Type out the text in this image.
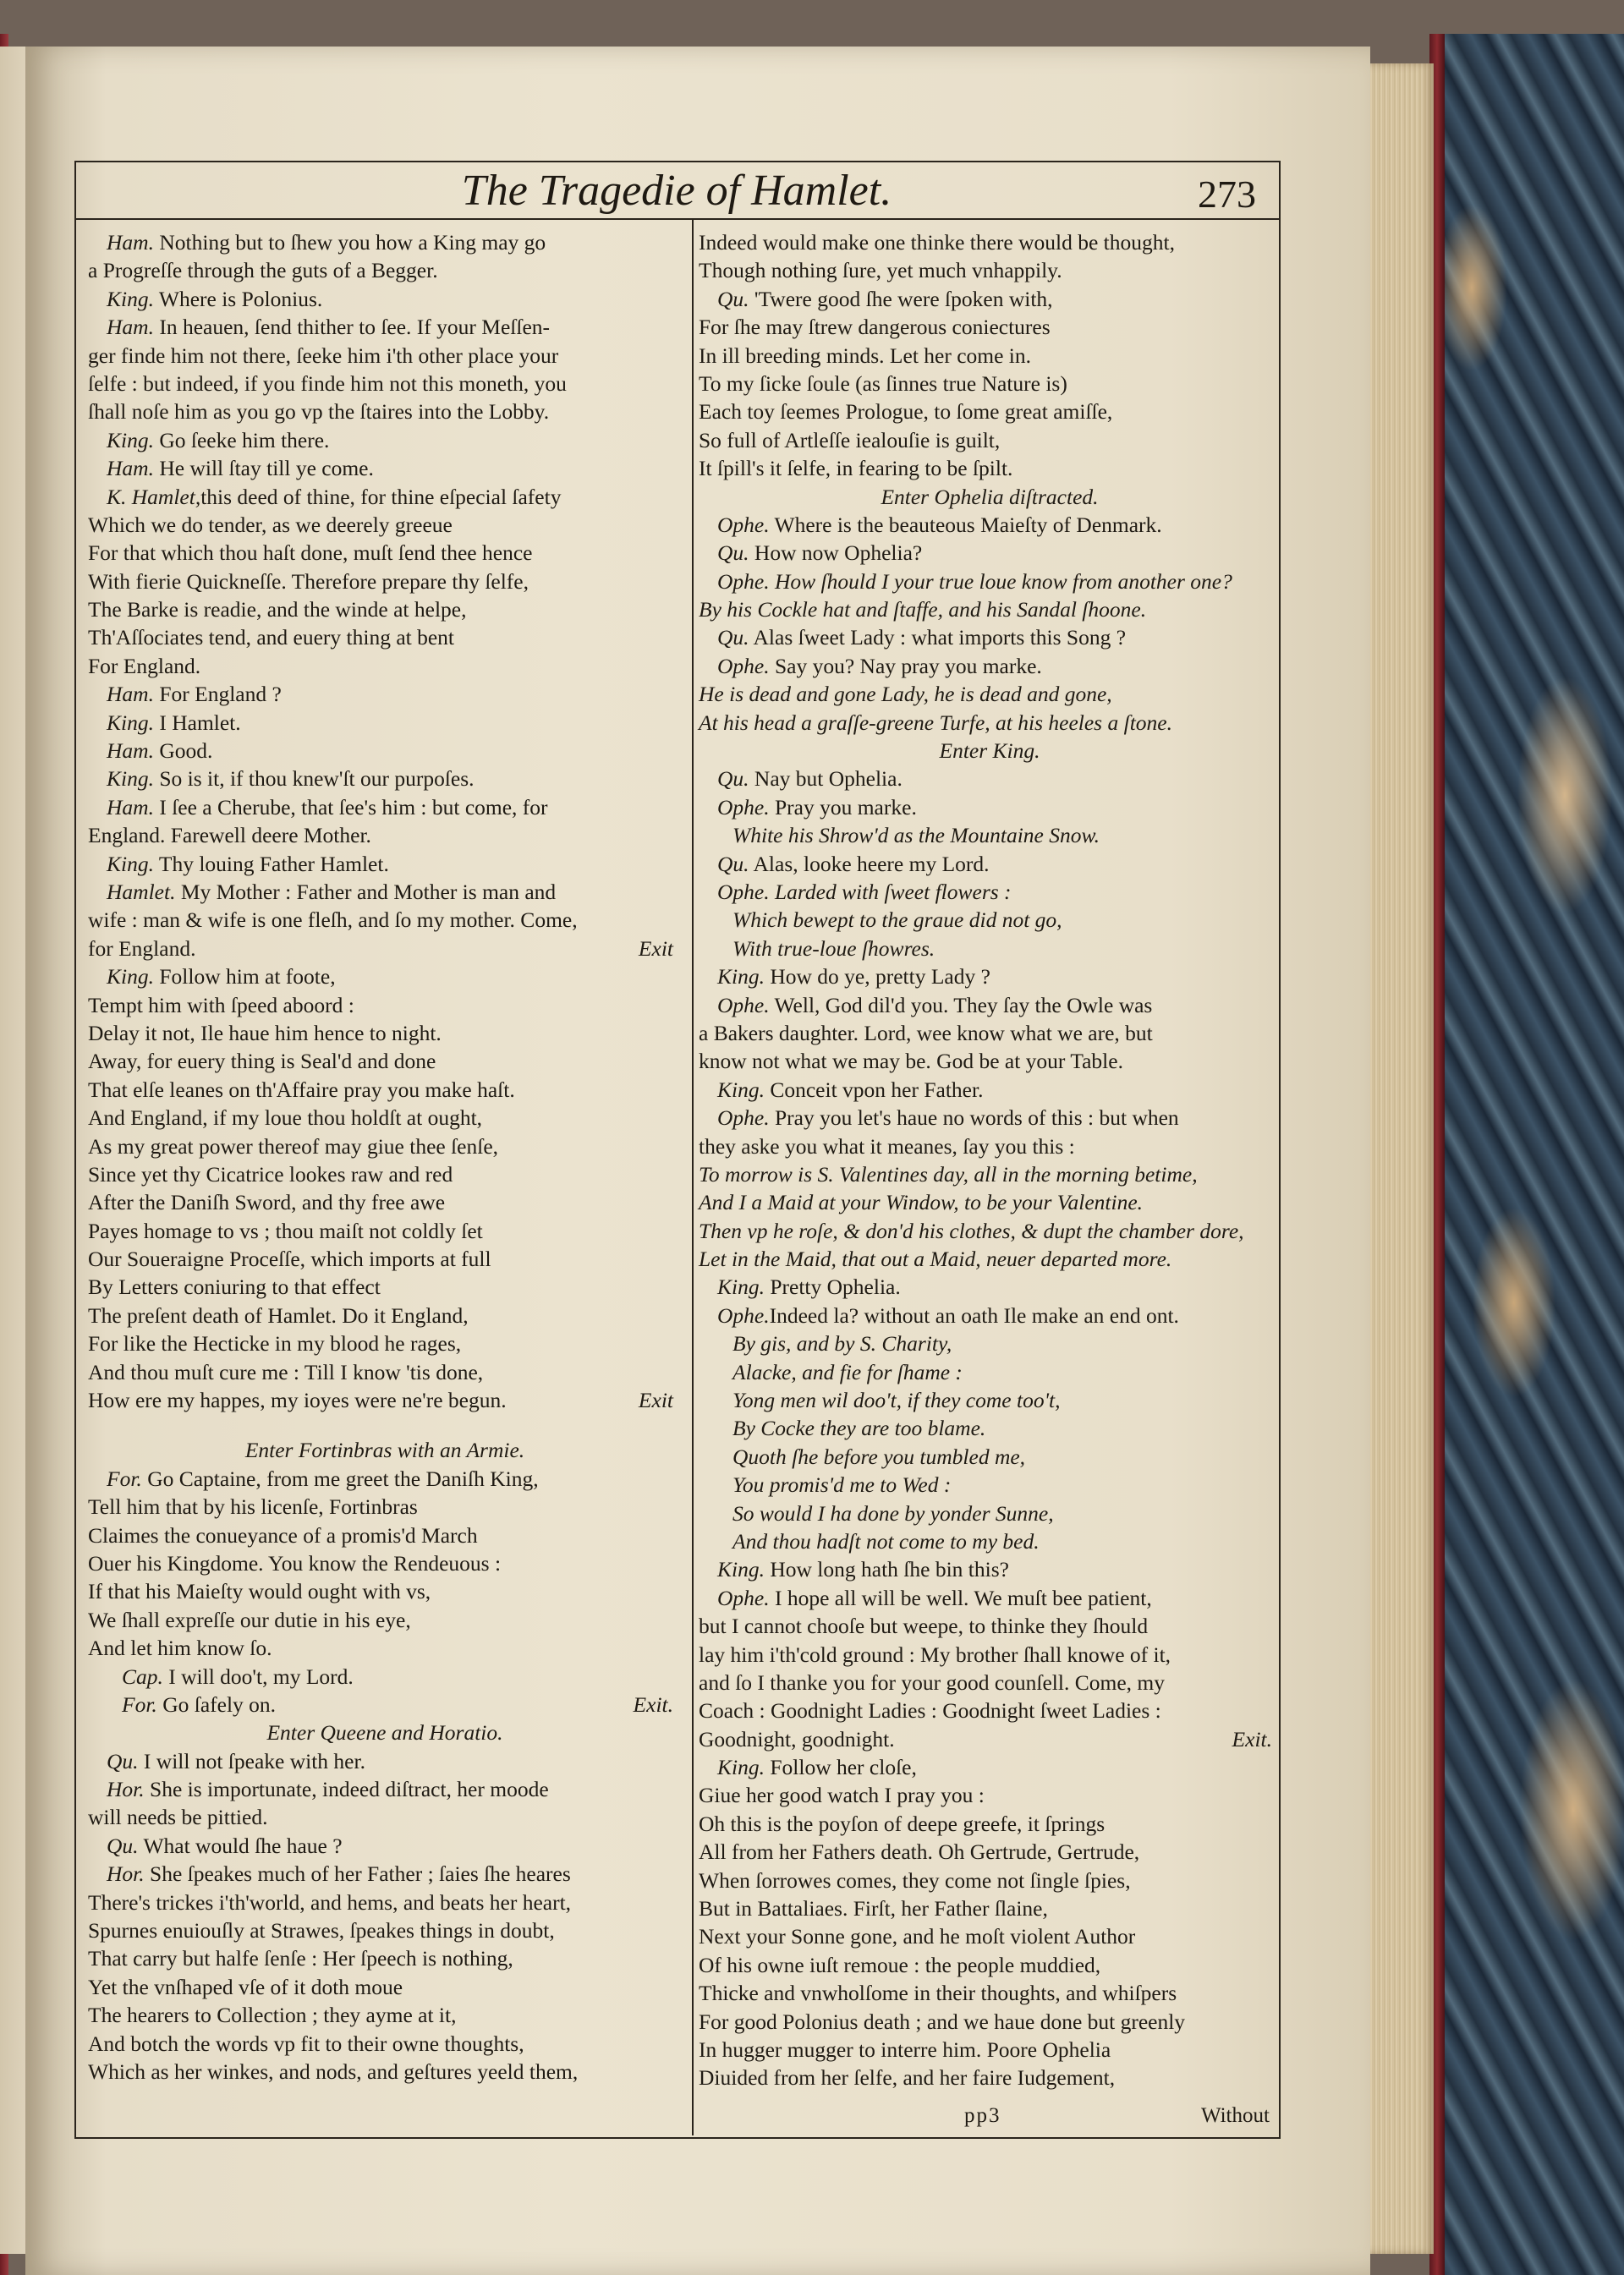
The Tragedie of Hamlet.	273
Ham. Nothing but to ſhew you how a King may go
a Progreſſe through the guts of a Begger.
King. Where is Polonius.
Ham. In heauen, ſend thither to ſee. If your Meſſen-
ger finde him not there, ſeeke him i'th other place your
ſelfe : but indeed, if you finde him not this moneth, you
ſhall noſe him as you go vp the ſtaires into the Lobby.
King. Go ſeeke him there.
Ham. He will ſtay till ye come.
K. Hamlet,this deed of thine, for thine eſpecial ſafety
Which we do tender, as we deerely greeue
For that which thou haſt done, muſt ſend thee hence
With fierie Quickneſſe. Therefore prepare thy ſelfe,
The Barke is readie, and the winde at helpe,
Th'Aſſociates tend, and euery thing at bent
For England.
Ham. For England ?
King. I Hamlet.
Ham. Good.
King. So is it, if thou knew'ſt our purpoſes.
Ham. I ſee a Cherube, that ſee's him : but come, for
England. Farewell deere Mother.
King. Thy louing Father Hamlet.
Hamlet. My Mother : Father and Mother is man and
wife : man & wife is one fleſh, and ſo my mother. Come,
for England.	Exit
King. Follow him at foote,
Tempt him with ſpeed aboord :
Delay it not, Ile haue him hence to night.
Away, for euery thing is Seal'd and done
That elſe leanes on th'Affaire pray you make haſt.
And England, if my loue thou holdſt at ought,
As my great power thereof may giue thee ſenſe,
Since yet thy Cicatrice lookes raw and red
After the Daniſh Sword, and thy free awe
Payes homage to vs ; thou maiſt not coldly ſet
Our Soueraigne Proceſſe, which imports at full
By Letters coniuring to that effect
The preſent death of Hamlet. Do it England,
For like the Hecticke in my blood he rages,
And thou muſt cure me : Till I know 'tis done,
How ere my happes, my ioyes were ne're begun.	Exit
Enter Fortinbras with an Armie.
For. Go Captaine, from me greet the Daniſh King,
Tell him that by his licenſe, Fortinbras
Claimes the conueyance of a promis'd March
Ouer his Kingdome. You know the Rendeuous :
If that his Maieſty would ought with vs,
We ſhall expreſſe our dutie in his eye,
And let him know ſo.
Cap. I will doo't, my Lord.
For. Go ſafely on.	Exit.
Enter Queene and Horatio.
Qu. I will not ſpeake with her.
Hor. She is importunate, indeed diſtract, her moode
will needs be pittied.
Qu. What would ſhe haue ?
Hor. She ſpeakes much of her Father ; ſaies ſhe heares
There's trickes i'th'world, and hems, and beats her heart,
Spurnes enuiouſly at Strawes, ſpeakes things in doubt,
That carry but halfe ſenſe : Her ſpeech is nothing,
Yet the vnſhaped vſe of it doth moue
The hearers to Collection ; they ayme at it,
And botch the words vp fit to their owne thoughts,
Which as her winkes, and nods, and geſtures yeeld them,
Indeed would make one thinke there would be thought,
Though nothing ſure, yet much vnhappily.
Qu. 'Twere good ſhe were ſpoken with,
For ſhe may ſtrew dangerous coniectures
In ill breeding minds. Let her come in.
To my ſicke ſoule (as ſinnes true Nature is)
Each toy ſeemes Prologue, to ſome great amiſſe,
So full of Artleſſe iealouſie is guilt,
It ſpill's it ſelfe, in fearing to be ſpilt.
Enter Ophelia diſtracted.
Ophe. Where is the beauteous Maieſty of Denmark.
Qu. How now Ophelia?
Ophe. How ſhould I your true loue know from another one?
By his Cockle hat and ſtaffe, and his Sandal ſhoone.
Qu. Alas ſweet Lady : what imports this Song ?
Ophe. Say you? Nay pray you marke.
He is dead and gone Lady, he is dead and gone,
At his head a graſſe-greene Turfe, at his heeles a ſtone.
Enter King.
Qu. Nay but Ophelia.
Ophe. Pray you marke.
White his Shrow'd as the Mountaine Snow.
Qu. Alas, looke heere my Lord.
Ophe. Larded with ſweet flowers :
Which bewept to the graue did not go,
With true-loue ſhowres.
King. How do ye, pretty Lady ?
Ophe. Well, God dil'd you. They ſay the Owle was
a Bakers daughter. Lord, wee know what we are, but
know not what we may be. God be at your Table.
King. Conceit vpon her Father.
Ophe. Pray you let's haue no words of this : but when
they aske you what it meanes, ſay you this :
To morrow is S. Valentines day, all in the morning betime,
And I a Maid at your Window, to be your Valentine.
Then vp he roſe, & don'd his clothes, & dupt the chamber dore,
Let in the Maid, that out a Maid, neuer departed more.
King. Pretty Ophelia.
Ophe.Indeed la? without an oath Ile make an end ont.
By gis, and by S. Charity,
Alacke, and fie for ſhame :
Yong men wil doo't, if they come too't,
By Cocke they are too blame.
Quoth ſhe before you tumbled me,
You promis'd me to Wed :
So would I ha done by yonder Sunne,
And thou hadſt not come to my bed.
King. How long hath ſhe bin this?
Ophe. I hope all will be well. We muſt bee patient,
but I cannot chooſe but weepe, to thinke they ſhould
lay him i'th'cold ground : My brother ſhall knowe of it,
and ſo I thanke you for your good counſell. Come, my
Coach : Goodnight Ladies : Goodnight ſweet Ladies :
Goodnight, goodnight.	Exit.
King. Follow her cloſe,
Giue her good watch I pray you :
Oh this is the poyſon of deepe greefe, it ſprings
All from her Fathers death. Oh Gertrude, Gertrude,
When ſorrowes comes, they come not ſingle ſpies,
But in Battaliaes. Firſt, her Father ſlaine,
Next your Sonne gone, and he moſt violent Author
Of his owne iuſt remoue : the people muddied,
Thicke and vnwholſome in their thoughts, and whiſpers
For good Polonius death ; and we haue done but greenly
In hugger mugger to interre him. Poore Ophelia
Diuided from her ſelfe, and her faire Iudgement,
pp3	Without
